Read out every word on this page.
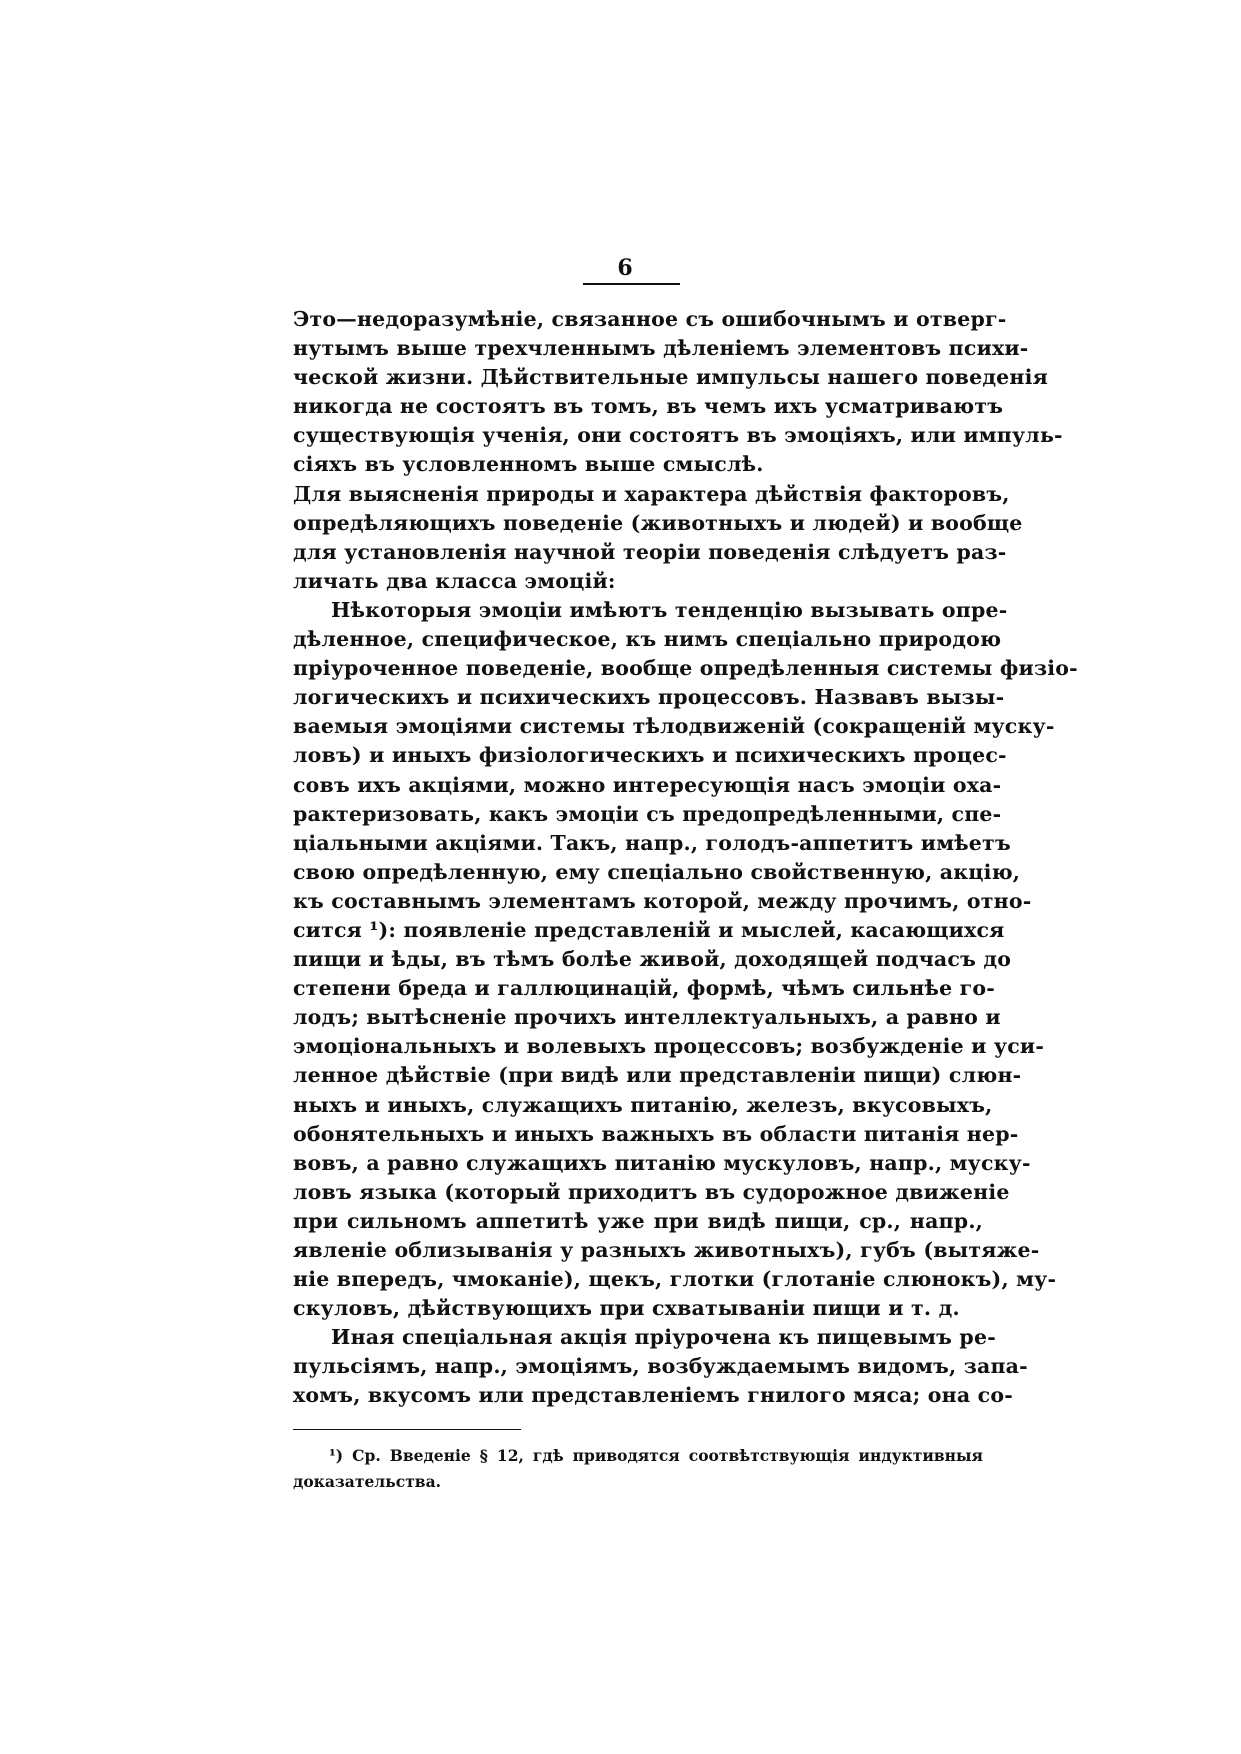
6
Это—недоразумѣніе, связанное съ ошибочнымъ и отверг-
нутымъ выше трехчленнымъ дѣленіемъ элементовъ психи-
ческой жизни. Дѣйствительные импульсы нашего поведенія
никогда не состоятъ въ томъ, въ чемъ ихъ усматриваютъ
существующія ученія, они состоятъ въ эмоціяхъ, или импуль-
сіяхъ въ условленномъ выше смыслѣ.
Для выясненія природы и характера дѣйствія факторовъ,
опредѣляющихъ поведеніе (животныхъ и людей) и вообще
для установленія научной теоріи поведенія слѣдуетъ раз-
личать два класса эмоцій:
Нѣкоторыя эмоціи имѣютъ тенденцію вызывать опре-
дѣленное, специфическое, къ нимъ спеціально природою
пріуроченное поведеніе, вообще опредѣленныя системы физіо-
логическихъ и психическихъ процессовъ. Назвавъ вызы-
ваемыя эмоціями системы тѣлодвиженій (сокращеній муску-
ловъ) и иныхъ физіологическихъ и психическихъ процес-
совъ ихъ акціями, можно интересующія насъ эмоціи оха-
рактеризовать, какъ эмоціи съ предопредѣленными, спе-
ціальными акціями. Такъ, напр., голодъ-аппетитъ имѣетъ
свою опредѣленную, ему спеціально свойственную, акцію,
къ составнымъ элементамъ которой, между прочимъ, отно-
сится ¹): появленіе представленій и мыслей, касающихся
пищи и ѣды, въ тѣмъ болѣе живой, доходящей подчасъ до
степени бреда и галлюцинацій, формѣ, чѣмъ сильнѣе го-
лодъ; вытѣсненіе прочихъ интеллектуальныхъ, а равно и
эмоціональныхъ и волевыхъ процессовъ; возбужденіе и уси-
ленное дѣйствіе (при видѣ или представленіи пищи) слюн-
ныхъ и иныхъ, служащихъ питанію, железъ, вкусовыхъ,
обонятельныхъ и иныхъ важныхъ въ области питанія нер-
вовъ, а равно служащихъ питанію мускуловъ, напр., муску-
ловъ языка (который приходитъ въ судорожное движеніе
при сильномъ аппетитѣ уже при видѣ пищи, ср., напр.,
явленіе облизыванія у разныхъ животныхъ), губъ (вытяже-
ніе впередъ, чмоканіе), щекъ, глотки (глотаніе слюнокъ), му-
скуловъ, дѣйствующихъ при схватываніи пищи и т. д.
Иная спеціальная акція пріурочена къ пищевымъ ре-
пульсіямъ, напр., эмоціямъ, возбуждаемымъ видомъ, запа-
хомъ, вкусомъ или представленіемъ гнилого мяса; она со-
¹) Ср. Введеніе § 12, гдѣ приводятся соотвѣтствующія индуктивныя
доказательства.
